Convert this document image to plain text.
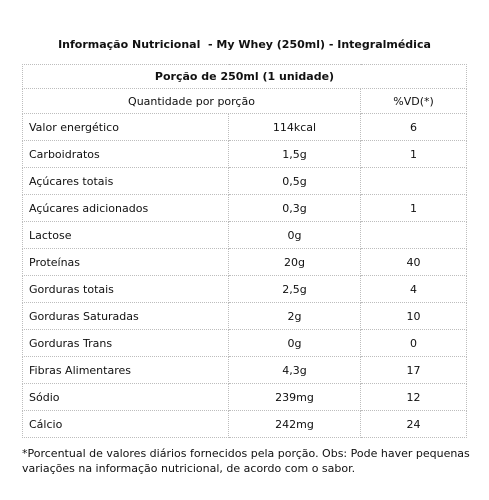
Informação Nutricional  - My Whey (250ml) - Integralmédica
Porção de 250ml (1 unidade)		
Quantidade por porção		%VD(*)
Valor energético	114kcal	6
Carboidratos	1,5g	1
Açúcares totais	0,5g	
Açúcares adicionados	0,3g	1
Lactose	0g	
Proteínas	20g	40
Gorduras totais	2,5g	4
Gorduras Saturadas	2g	10
Gorduras Trans	0g	0
Fibras Alimentares	4,3g	17
Sódio	239mg	12
Cálcio	242mg	24
*Porcentual de valores diários fornecidos pela porção. Obs: Pode haver pequenas variações na informação nutricional, de acordo com o sabor.
